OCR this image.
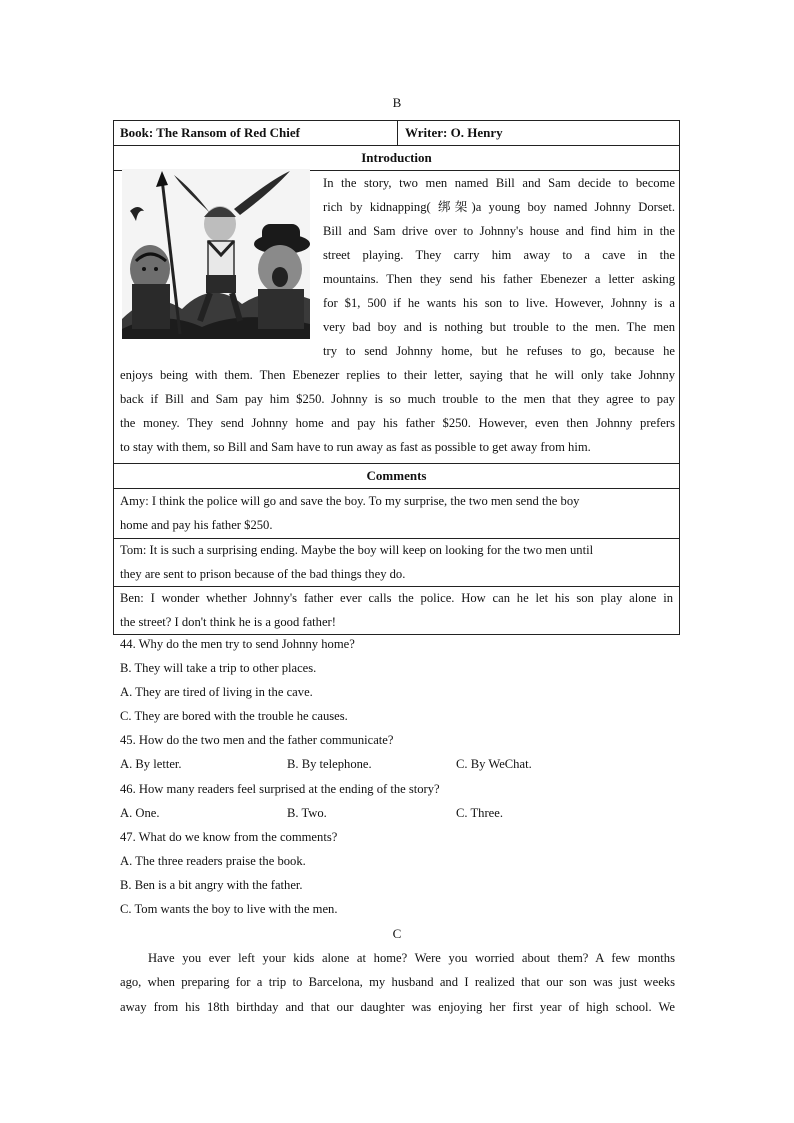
B
Book: The Ransom of Red Chief	Writer: O. Henry
Introduction
In the story, two men named Bill and Sam decide to become
rich by kidnapping( 绑架)a young boy named Johnny Dorset.
Bill and Sam drive over to Johnny's house and find him in the
street playing. They carry him away to a cave in the
mountains. Then they send his father Ebenezer a letter asking
for $1, 500 if he wants his son to live. However, Johnny is a
very bad boy and is nothing but trouble to the men. The men
try to send Johnny home, but he refuses to go, because he
enjoys being with them. Then Ebenezer replies to their letter, saying that he will only take Johnny
back if Bill and Sam pay him $250. Johnny is so much trouble to the men that they agree to pay
the money. They send Johnny home and pay his father $250. However, even then Johnny prefers
to stay with them, so Bill and Sam have to run away as fast as possible to get away from him.
Comments
Amy: I think the police will go and save the boy. To my surprise, the two men send the boy
home and pay his father $250.
Tom: It is such a surprising ending. Maybe the boy will keep on looking for the two men until
they are sent to prison because of the bad things they do.
Ben: I wonder whether Johnny's father ever calls the police. How can he let his son play alone in
the street? I don't think he is a good father!
44. Why do the men try to send Johnny home?
B. They will take a trip to other places.
A. They are tired of living in the cave.
C. They are bored with the trouble he causes.
45. How do the two men and the father communicate?
A. By letter.	B. By telephone.	C. By WeChat.
46. How many readers feel surprised at the ending of the story?
A. One.	B. Two.	C. Three.
47. What do we know from the comments?
A. The three readers praise the book.
B. Ben is a bit angry with the father.
C. Tom wants the boy to live with the men.
C
Have you ever left your kids alone at home? Were you worried about them? A few months
ago, when preparing for a trip to Barcelona, my husband and I realized that our son was just weeks
away from his 18th birthday and that our daughter was enjoying her first year of high school. We
